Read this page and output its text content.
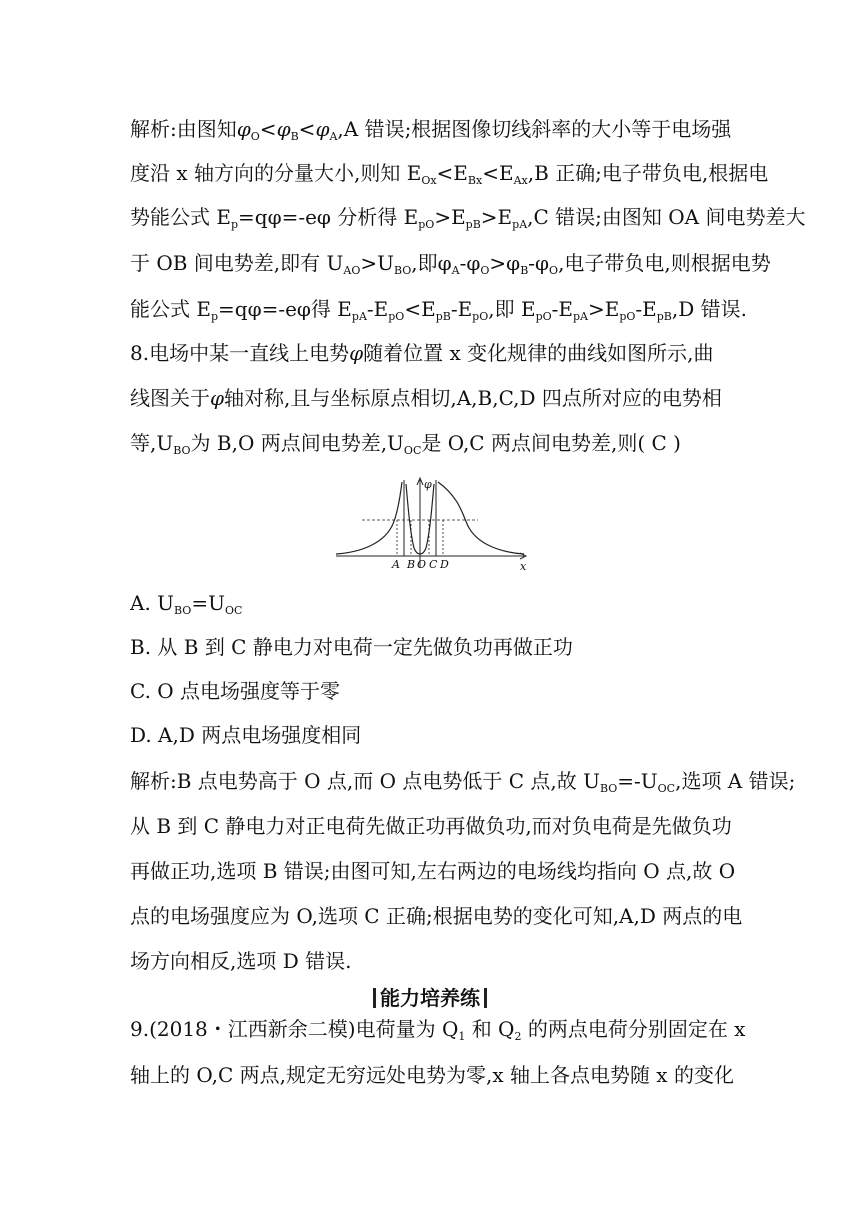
解析:由图知$\varphi_O<\varphi_B<\varphi_A,A$ 错误;根据图像切线斜率的大小等于电场强
度沿 x 轴方向的分量大小,则知 $E_{Ox}<E_{Bx}<E_{Ax},B$ 正确;电子带负电,根据电
势能公式 $E_p=q\varphi=-e\varphi$ 分析得 $E_{pO}>E_{pB}>E_{pA},C$ 错误;由图知 OA 间电势差大
于 OB 间电势差,即有 $U_{AO}>U_{BO}$,即$\varphi_A-\varphi_O>\varphi_B-\varphi_O$,电子带负电,则根据电势
能公式 $E_p=q\varphi=-e\varphi$得 $E_{pA}-E_{pO}<E_{pB}-E_{pO}$,即 $E_{pO}-E_{pA}>E_{pO}-E_{pB},D$ 错误.
8.电场中某一直线上电势φ随着位置 x 变化规律的曲线如图所示,曲
线图关于φ轴对称,且与坐标原点相切,A,B,C,D 四点所对应的电势相
等$,U_{BO}$为 B,O 两点间电势差$,U_{OC}$是 O,C 两点间电势差,则( C )
φ
x
A B O C D
A. $U_{BO}=U_{OC}$
B. 从 B 到 C 静电力对电荷一定先做负功再做正功
C. O 点电场强度等于零
D. A,D 两点电场强度相同
解析:B 点电势高于 O 点,而 O 点电势低于 C 点,故 $U_{BO}=-U_{OC}$,选项 A 错误;
从 B 到 C 静电力对正电荷先做正功再做负功,而对负电荷是先做负功
再做正功,选项 B 错误;由图可知,左右两边的电场线均指向 O 点,故 O
点的电场强度应为 O,选项 C 正确;根据电势的变化可知,A,D 两点的电
场方向相反,选项 D 错误.
能力培养练
9.(2018・江西新余二模)电荷量为 $Q_1$ 和 $Q_2$ 的两点电荷分别固定在 x
轴上的 O,C 两点,规定无穷远处电势为零,x 轴上各点电势随 x 的变化
